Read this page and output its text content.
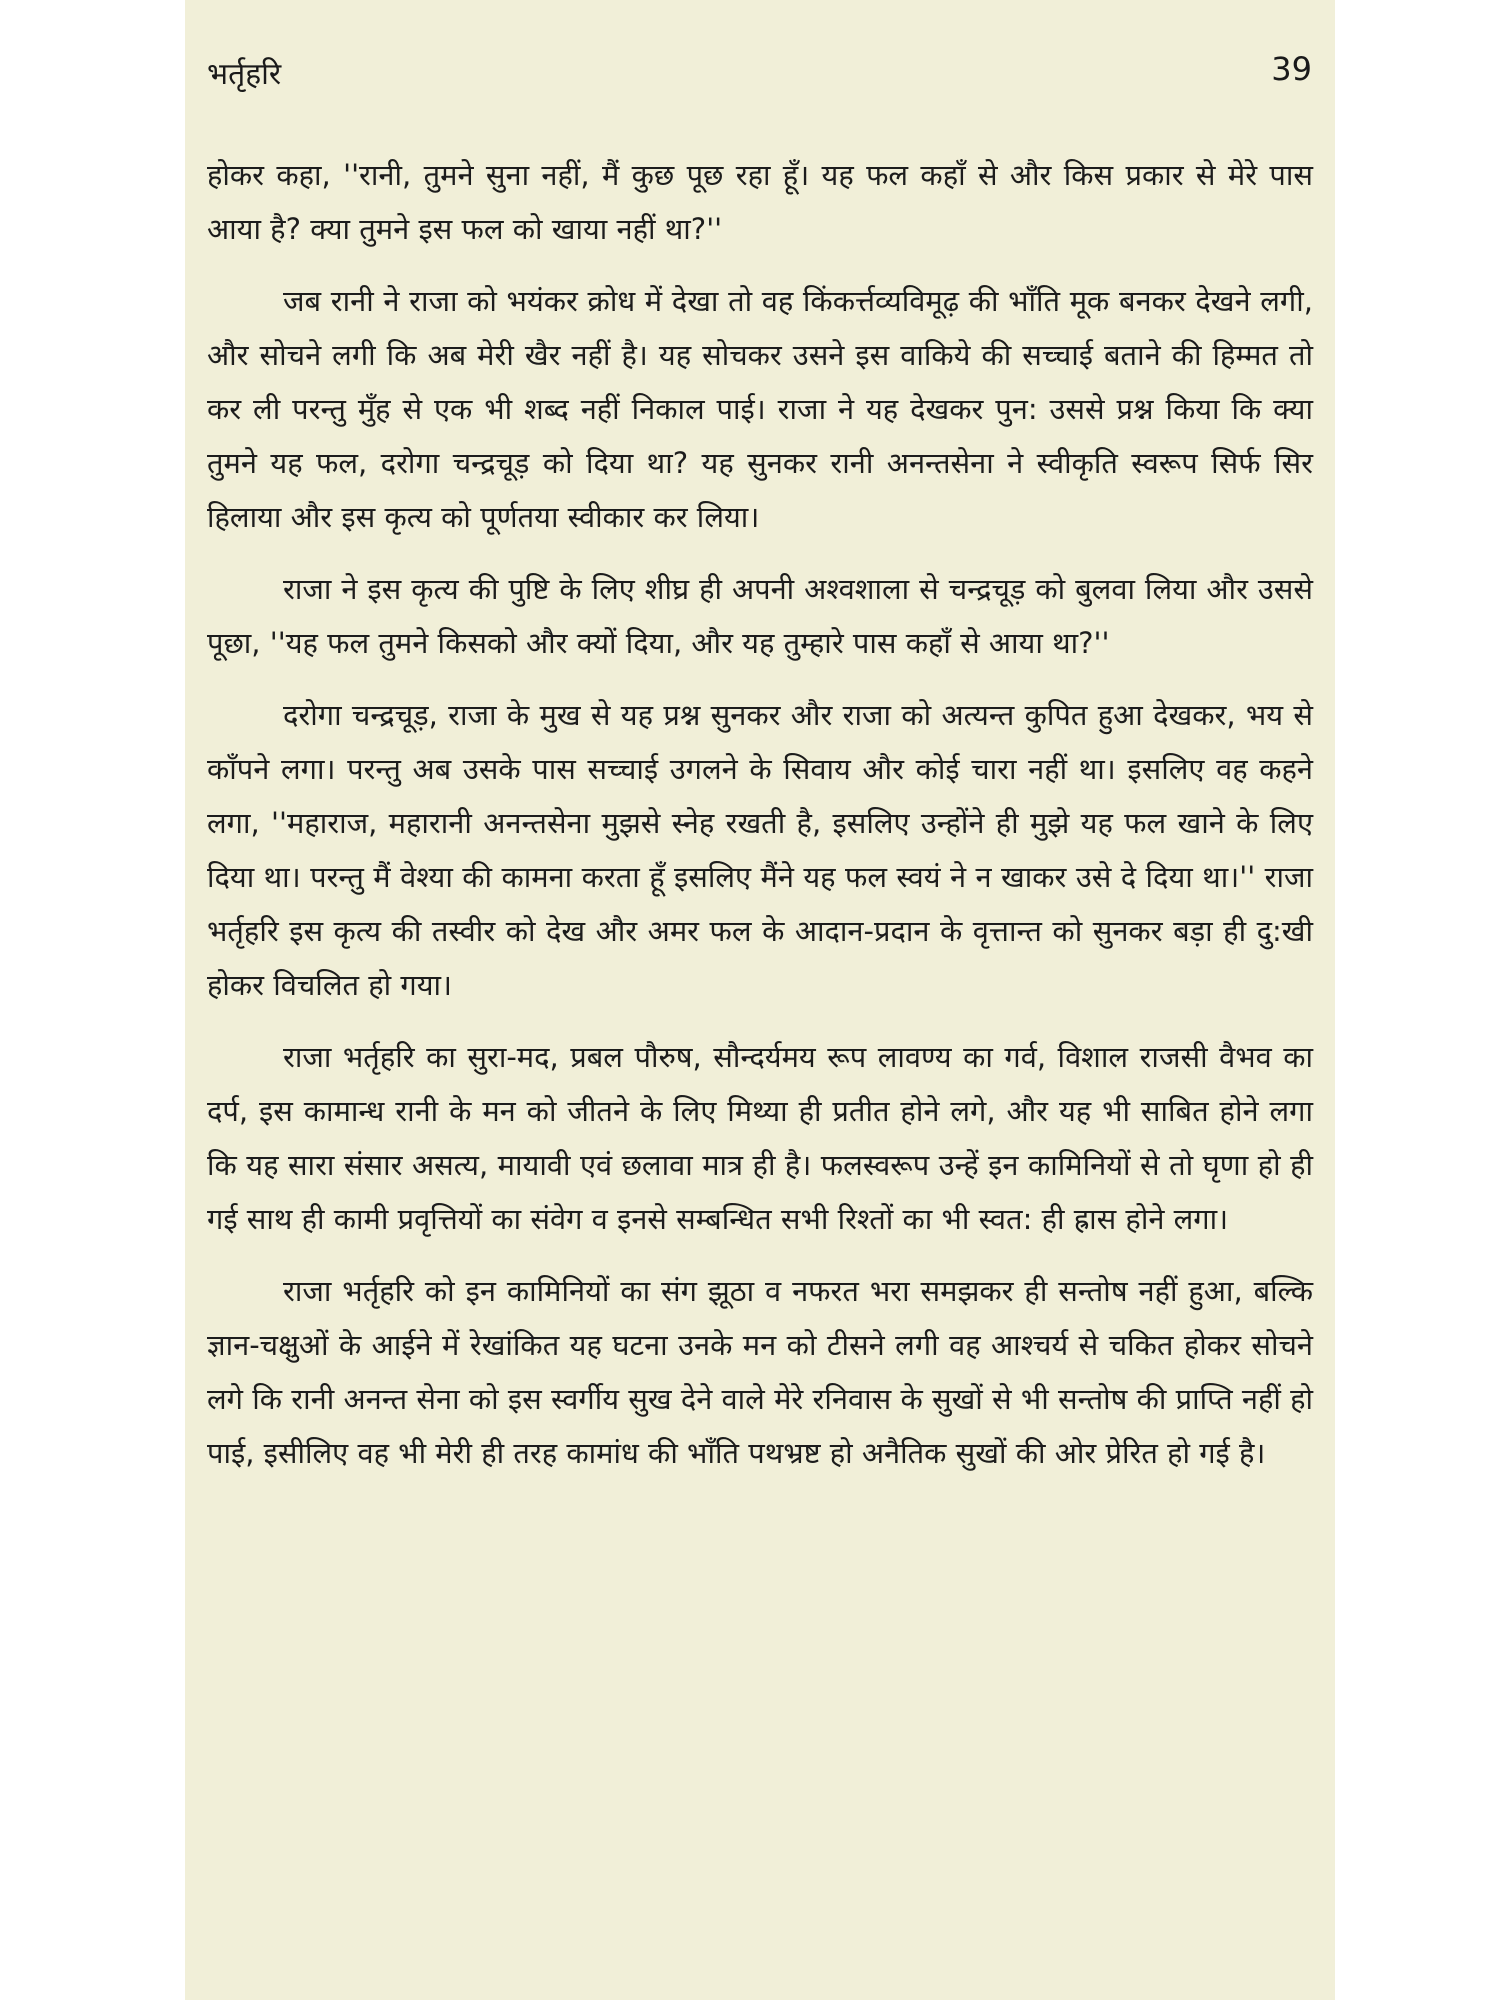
भर्तृहरि	39

होकर कहा, ''रानी, तुमने सुना नहीं, मैं कुछ पूछ रहा हूँ। यह फल कहाँ से और किस प्रकार से मेरे पास आया है? क्या तुमने इस फल को खाया नहीं था?''

जब रानी ने राजा को भयंकर क्रोध में देखा तो वह किंकर्त्तव्यविमूढ़ की भाँति मूक बनकर देखने लगी, और सोचने लगी कि अब मेरी खैर नहीं है। यह सोचकर उसने इस वाकिये की सच्चाई बताने की हिम्मत तो कर ली परन्तु मुँह से एक भी शब्द नहीं निकाल पाई। राजा ने यह देखकर पुन: उससे प्रश्न किया कि क्या तुमने यह फल, दरोगा चन्द्रचूड़ को दिया था? यह सुनकर रानी अनन्तसेना ने स्वीकृति स्वरूप सिर्फ सिर हिलाया और इस कृत्य को पूर्णतया स्वीकार कर लिया।

राजा ने इस कृत्य की पुष्टि के लिए शीघ्र ही अपनी अश्वशाला से चन्द्रचूड़ को बुलवा लिया और उससे पूछा, ''यह फल तुमने किसको और क्यों दिया, और यह तुम्हारे पास कहाँ से आया था?''

दरोगा चन्द्रचूड़, राजा के मुख से यह प्रश्न सुनकर और राजा को अत्यन्त कुपित हुआ देखकर, भय से काँपने लगा। परन्तु अब उसके पास सच्चाई उगलने के सिवाय और कोई चारा नहीं था। इसलिए वह कहने लगा, ''महाराज, महारानी अनन्तसेना मुझसे स्नेह रखती है, इसलिए उन्होंने ही मुझे यह फल खाने के लिए दिया था। परन्तु मैं वेश्या की कामना करता हूँ इसलिए मैंने यह फल स्वयं ने न खाकर उसे दे दिया था।'' राजा भर्तृहरि इस कृत्य की तस्वीर को देख और अमर फल के आदान-प्रदान के वृत्तान्त को सुनकर बड़ा ही दु:खी होकर विचलित हो गया।

राजा भर्तृहरि का सुरा-मद, प्रबल पौरुष, सौन्दर्यमय रूप लावण्य का गर्व, विशाल राजसी वैभव का दर्प, इस कामान्ध रानी के मन को जीतने के लिए मिथ्या ही प्रतीत होने लगे, और यह भी साबित होने लगा कि यह सारा संसार असत्य, मायावी एवं छलावा मात्र ही है। फलस्वरूप उन्हें इन कामिनियों से तो घृणा हो ही गई साथ ही कामी प्रवृत्तियों का संवेग व इनसे सम्बन्धित सभी रिश्तों का भी स्वत: ही ह्रास होने लगा।

राजा भर्तृहरि को इन कामिनियों का संग झूठा व नफरत भरा समझकर ही सन्तोष नहीं हुआ, बल्कि ज्ञान-चक्षुओं के आईने में रेखांकित यह घटना उनके मन को टीसने लगी वह आश्चर्य से चकित होकर सोचने लगे कि रानी अनन्त सेना को इस स्वर्गीय सुख देने वाले मेरे रनिवास के सुखों से भी सन्तोष की प्राप्ति नहीं हो पाई, इसीलिए वह भी मेरी ही तरह कामांध की भाँति पथभ्रष्ट हो अनैतिक सुखों की ओर प्रेरित हो गई है।
